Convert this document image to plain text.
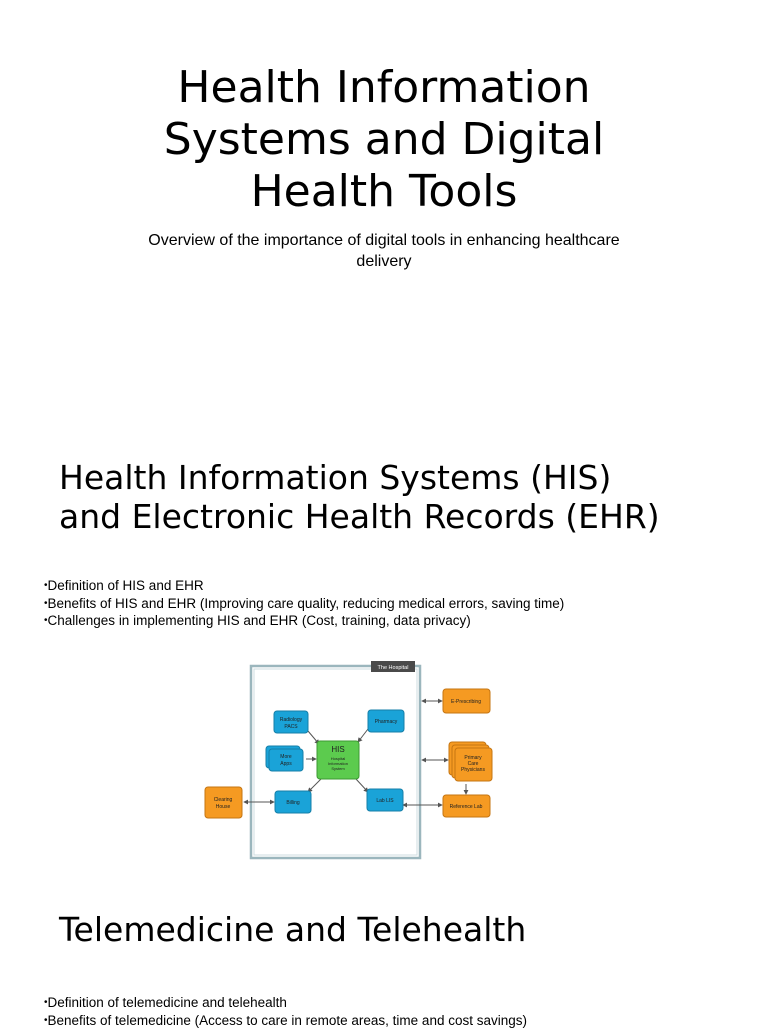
Health Information
Systems and Digital
Health Tools

Overview of the importance of digital tools in enhancing healthcare
delivery

Health Information Systems (HIS)
and Electronic Health Records (EHR)
• Definition of HIS and EHR
• Benefits of HIS and EHR (Improving care quality, reducing medical errors, saving time)
• Challenges in implementing HIS and EHR (Cost, training, data privacy)
The Hospital
Radiology
PACS
Pharmacy
More
Apps
Billing	Lab LIS
HIS
Hospital
Information
System
Clearing
House
E-Prescribing
Primary
Care
Physicians
Reference Lab
Telemedicine and Telehealth
• Definition of telemedicine and telehealth
• Benefits of telemedicine (Access to care in remote areas, time and cost savings)
